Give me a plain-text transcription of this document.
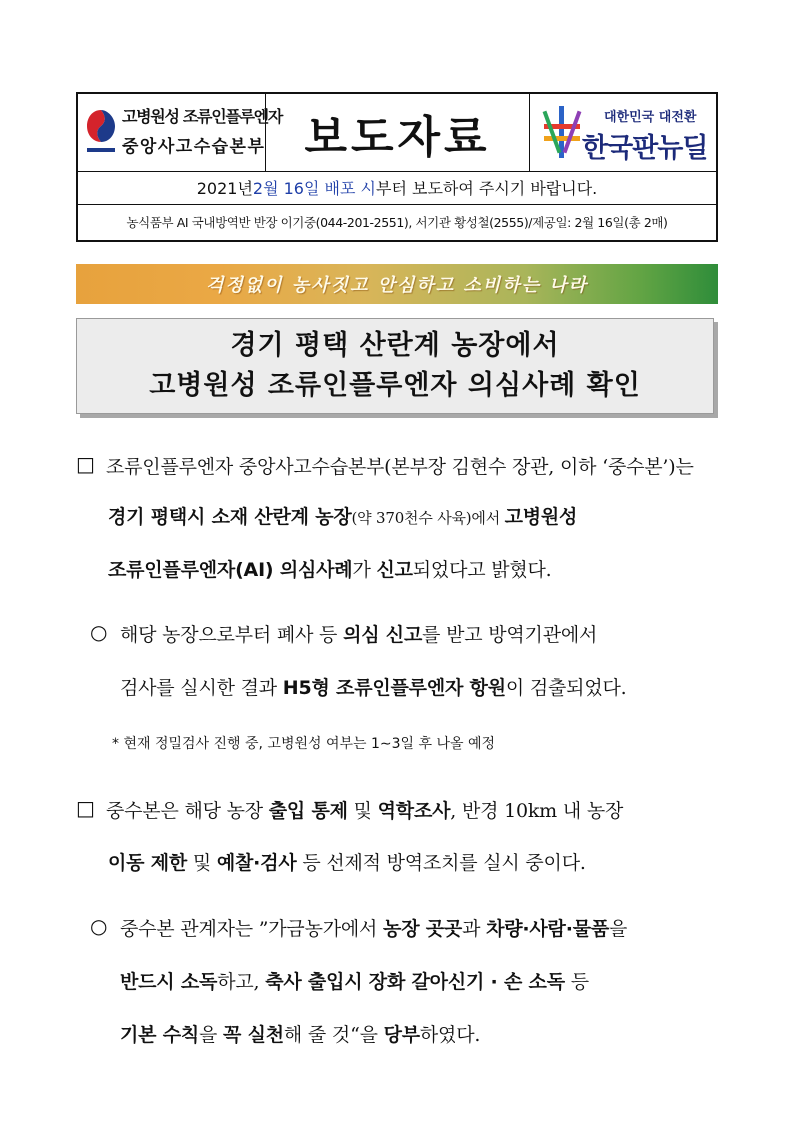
고병원성 조류인플루엔자
중앙사고수습본부 보도자료	대한민국 대전환
한국판뉴딜
2021년 2월 16일 배포 시 부터 보도하여 주시기 바랍니다.
농식품부 AI 국내방역반 반장 이기중(044-201-2551), 서기관 황성철(2555)/제공일: 2월 16일(총 2매)
걱정없이 농사짓고 안심하고 소비하는 나라
경기 평택 산란계 농장에서
고병원성 조류인플루엔자 의심사례 확인
□ 조류인플루엔자 중앙사고수습본부(본부장 김현수 장관, 이하 ‘중수본’)는
경기 평택시 소재 산란계 농장(약 370천수 사육)에서 고병원성
조류인플루엔자(AI) 의심사례가 신고되었다고 밝혔다.
○ 해당 농장으로부터 폐사 등 의심 신고를 받고 방역기관에서
검사를 실시한 결과 H5형 조류인플루엔자 항원이 검출되었다.
* 현재 정밀검사 진행 중, 고병원성 여부는 1∼3일 후 나올 예정
□ 중수본은 해당 농장 출입 통제 및 역학조사, 반경 10km 내 농장
이동 제한 및 예찰·검사 등 선제적 방역조치를 실시 중이다.
○ 중수본 관계자는 ”가금농가에서 농장 곳곳과 차량·사람·물품을
반드시 소독하고, 축사 출입시 장화 갈아신기 · 손 소독 등
기본 수칙을 꼭 실천해 줄 것“을 당부하였다.
